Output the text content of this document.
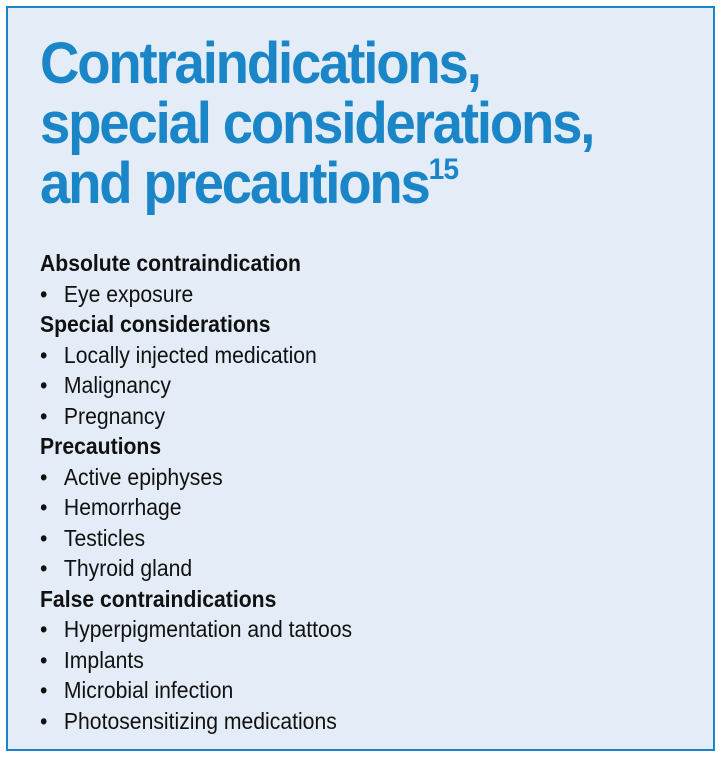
Contraindications,
special considerations,
and precautions$^{15}$
Absolute contraindication
• Eye exposure
Special considerations
• Locally injected medication
• Malignancy
• Pregnancy
Precautions
• Active epiphyses
• Hemorrhage
• Testicles
• Thyroid gland
False contraindications
• Hyperpigmentation and tattoos
• Implants
• Microbial infection
• Photosensitizing medications
